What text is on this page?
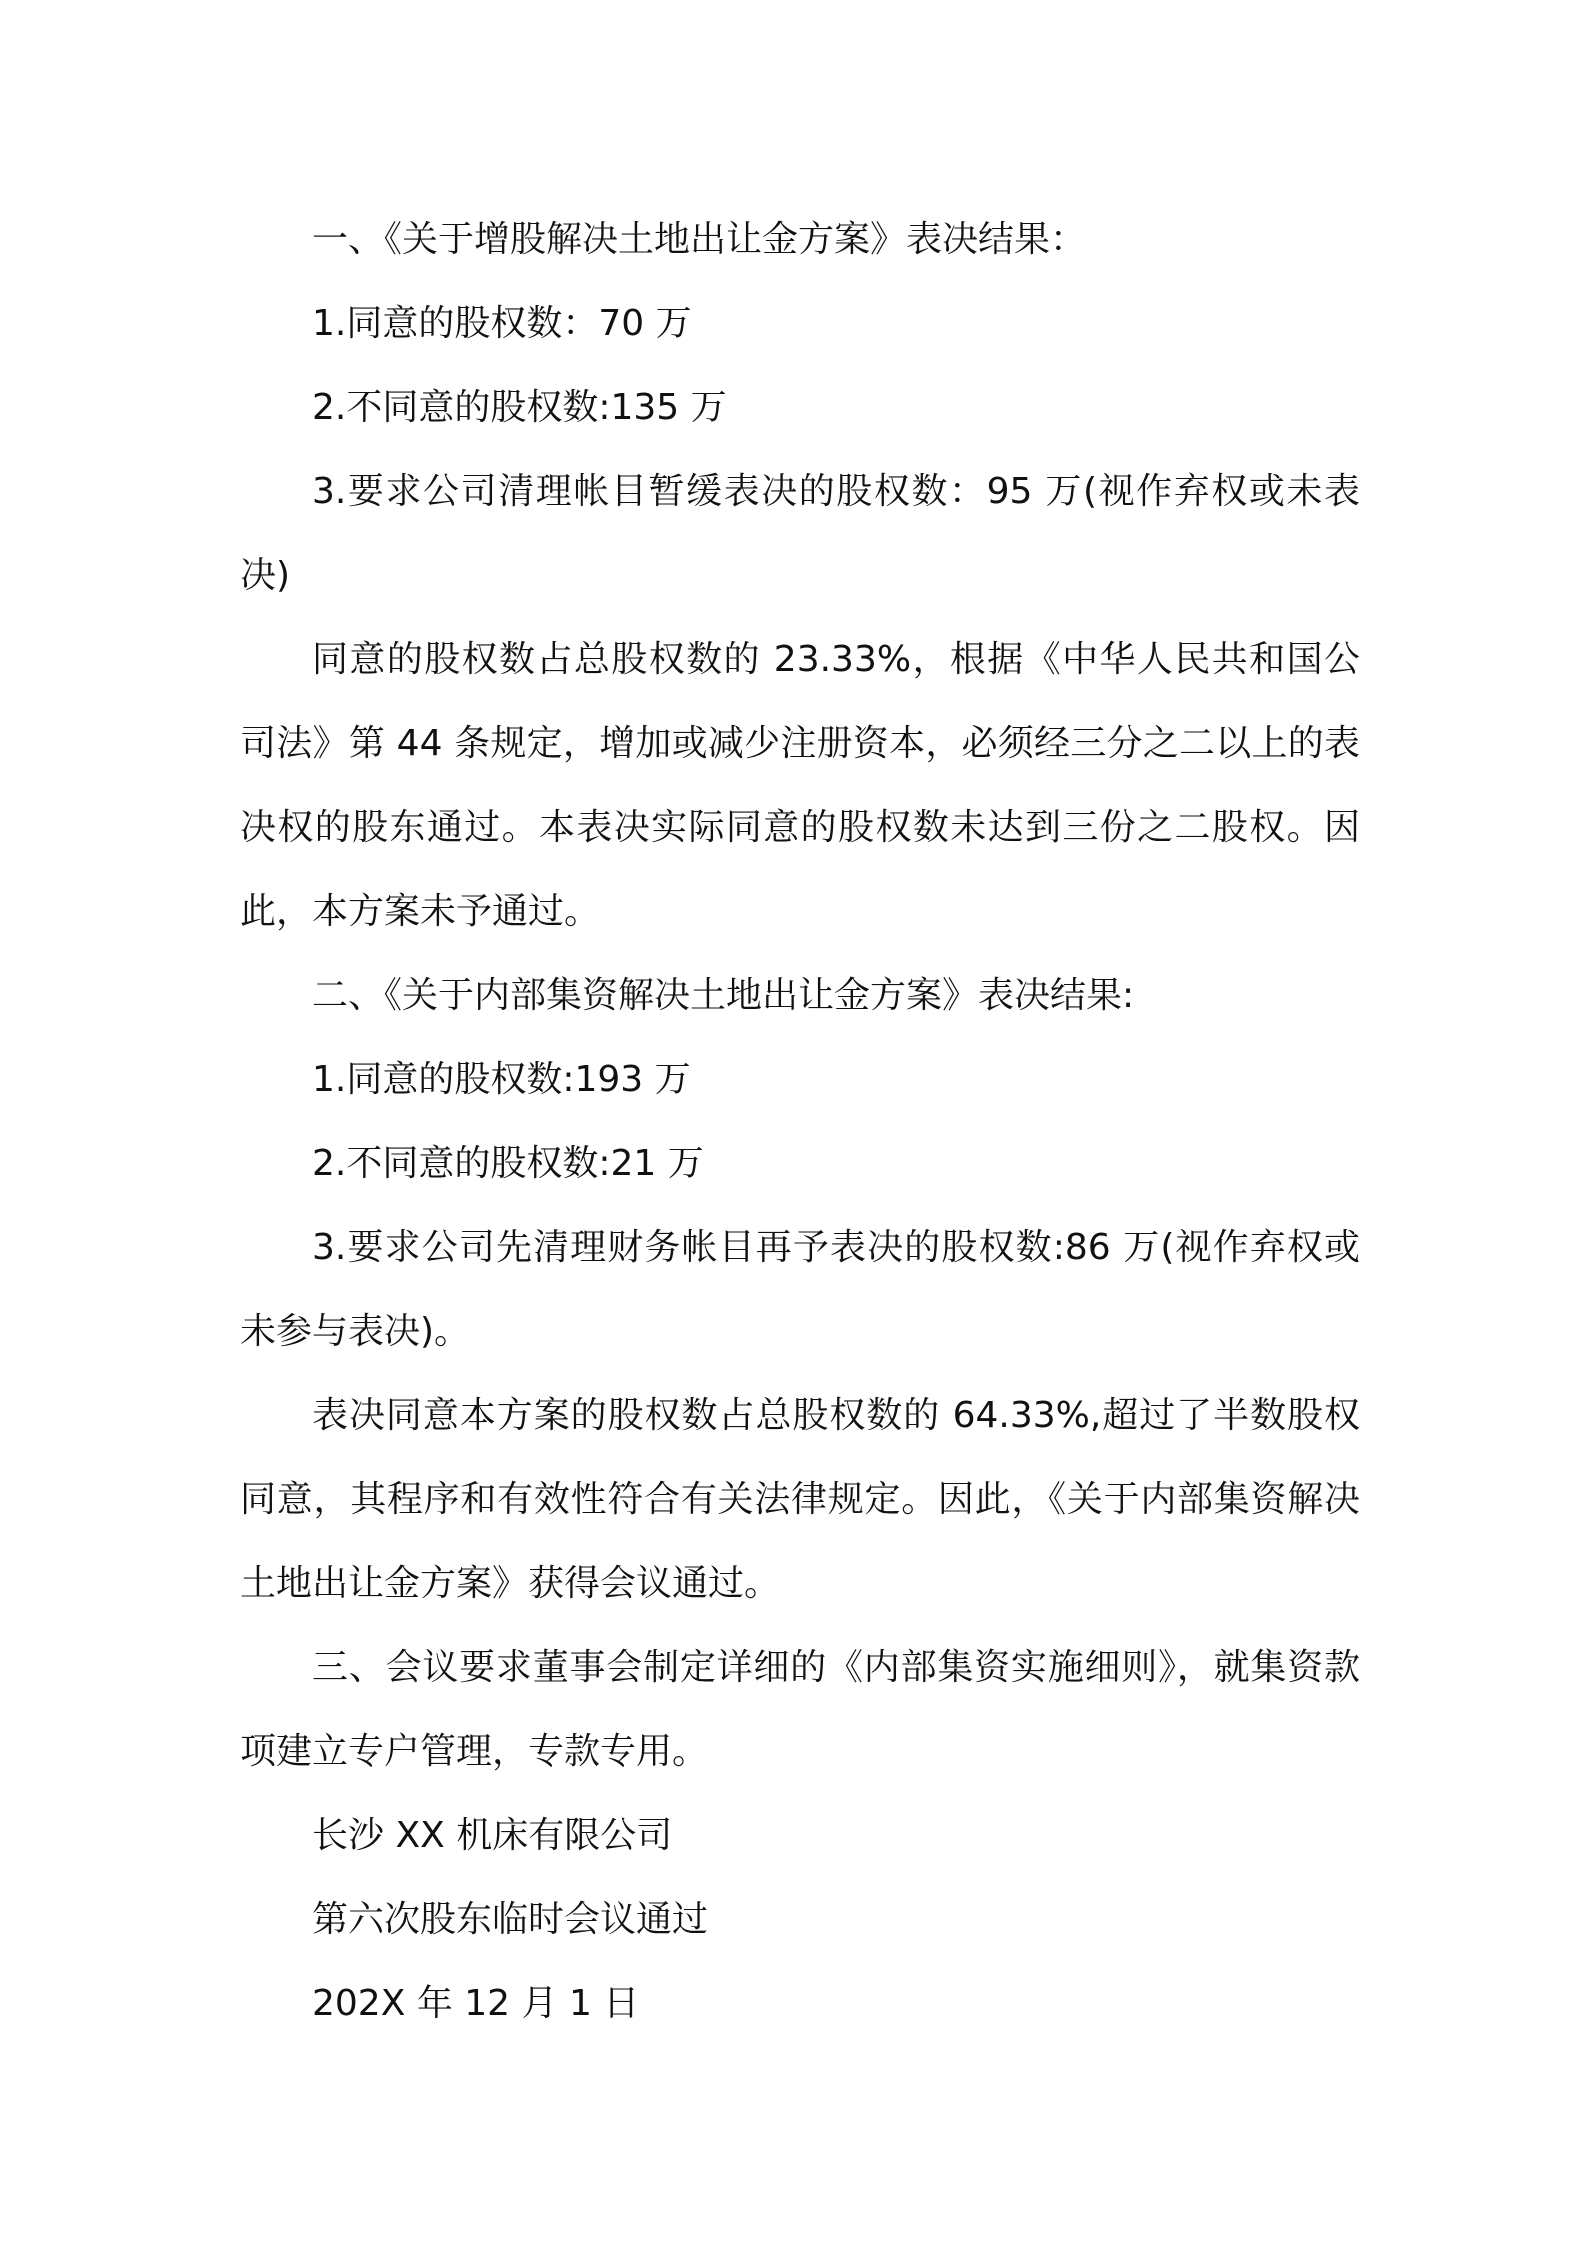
一、《关于增股解决土地出让金方案》表决结果：

1.同意的股权数：70 万

2.不同意的股权数:135 万

3.要求公司清理帐目暂缓表决的股权数：95 万(视作弃权或未表决)

同意的股权数占总股权数的 23.33%，根据《中华人民共和国公司法》第 44 条规定，增加或减少注册资本，必须经三分之二以上的表决权的股东通过。本表决实际同意的股权数未达到三份之二股权。因此，本方案未予通过。

二、《关于内部集资解决土地出让金方案》表决结果:

1.同意的股权数:193 万

2.不同意的股权数:21 万

3.要求公司先清理财务帐目再予表决的股权数:86 万(视作弃权或未参与表决)。

表决同意本方案的股权数占总股权数的 64.33%,超过了半数股权同意，其程序和有效性符合有关法律规定。因此，《关于内部集资解决土地出让金方案》获得会议通过。

三、会议要求董事会制定详细的《内部集资实施细则》，就集资款项建立专户管理，专款专用。

长沙 XX 机床有限公司

第六次股东临时会议通过

202X 年 12 月 1 日
